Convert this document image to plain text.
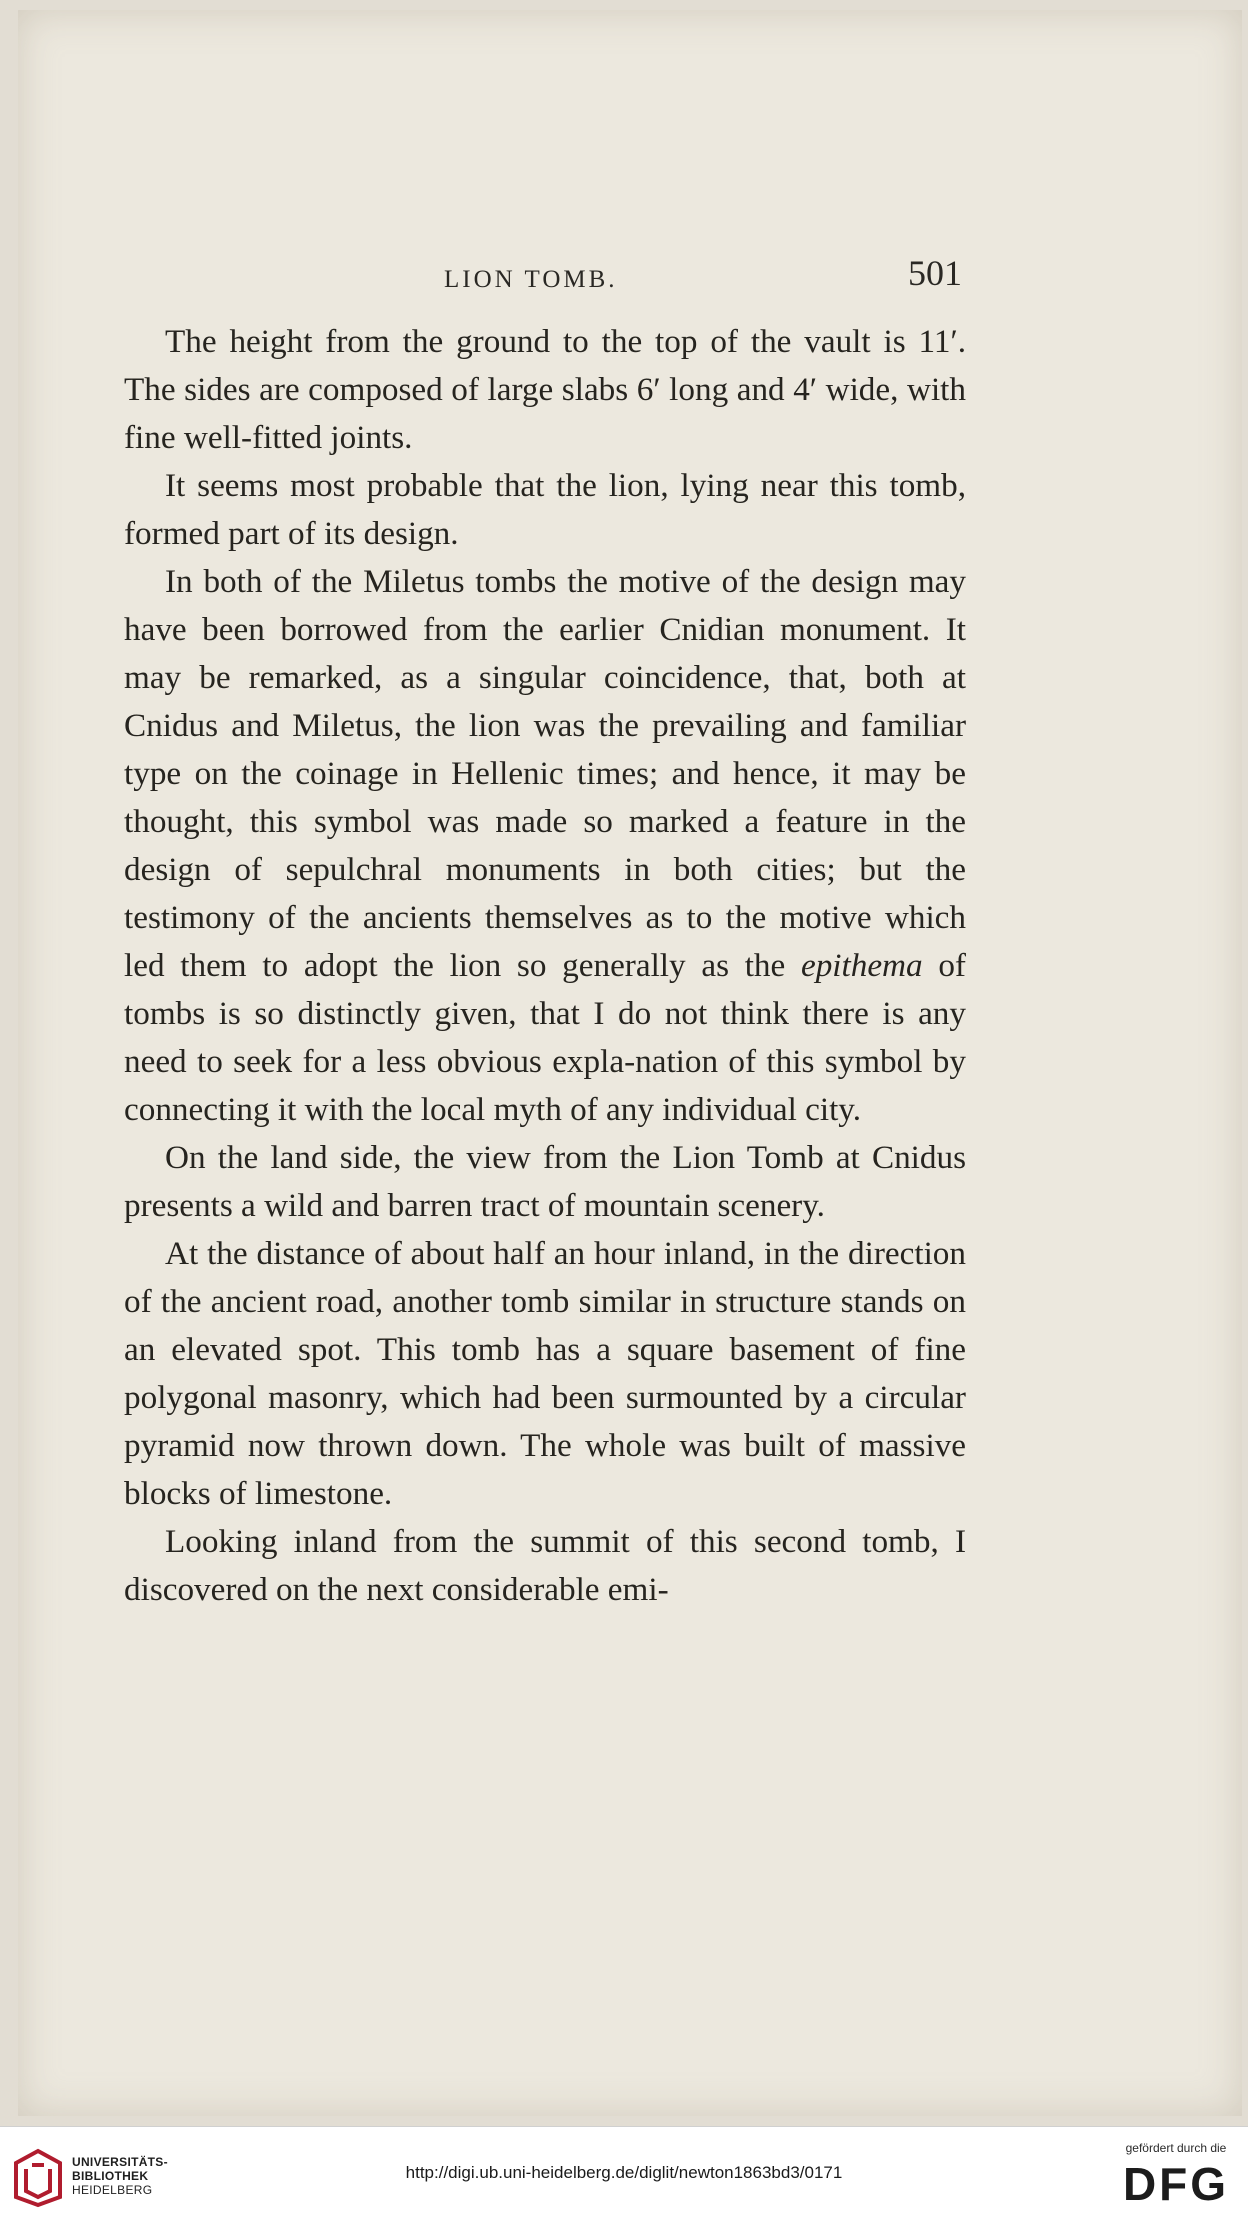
LION TOMB.	501

The height from the ground to the top of the vault is 11′. The sides are composed of large slabs 6′ long and 4′ wide, with fine well-fitted joints.

It seems most probable that the lion, lying near this tomb, formed part of its design.

In both of the Miletus tombs the motive of the design may have been borrowed from the earlier Cnidian monument. It may be remarked, as a singular coincidence, that, both at Cnidus and Miletus, the lion was the prevailing and familiar type on the coinage in Hellenic times; and hence, it may be thought, this symbol was made so marked a feature in the design of sepulchral monuments in both cities; but the testimony of the ancients themselves as to the motive which led them to adopt the lion so generally as the epithema of tombs is so distinctly given, that I do not think there is any need to seek for a less obvious expla-nation of this symbol by connecting it with the local myth of any individual city.

On the land side, the view from the Lion Tomb at Cnidus presents a wild and barren tract of mountain scenery.

At the distance of about half an hour inland, in the direction of the ancient road, another tomb similar in structure stands on an elevated spot. This tomb has a square basement of fine polygonal masonry, which had been surmounted by a circular pyramid now thrown down. The whole was built of massive blocks of limestone.

Looking inland from the summit of this second tomb, I discovered on the next considerable emi-

UNIVERSITÄTS-
BIBLIOTHEK
HEIDELBERG
http://digi.ub.uni-heidelberg.de/diglit/newton1863bd3/0171
gefördert durch die
DFG
